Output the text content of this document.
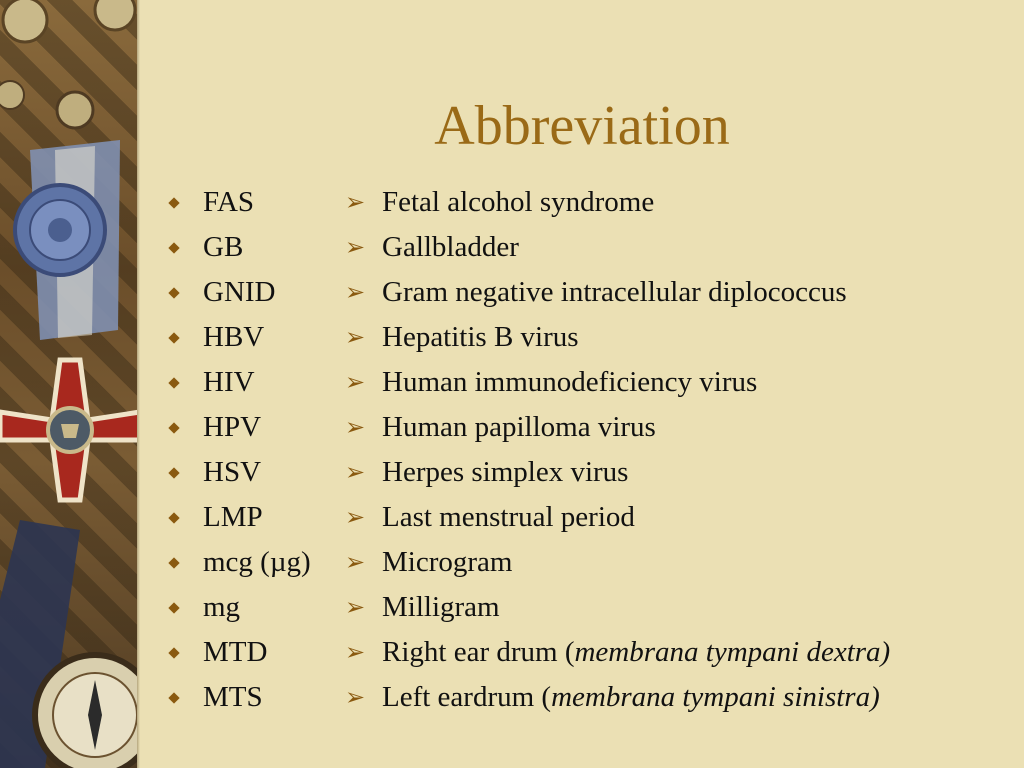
Abbreviation
FAS	➢ Fetal alcohol syndrome
GB	➢ Gallbladder
GNID	➢ Gram negative intracellular diplococcus
HBV	➢ Hepatitis B virus
HIV	➢ Human immunodeficiency virus
HPV	➢ Human papilloma virus
HSV	➢ Herpes simplex virus
LMP	➢ Last menstrual period
mcg (µg) ➢ Microgram
mg	➢ Milligram
MTD	➢ Right ear drum (membrana tympani dextra)
MTS	➢ Left eardrum (membrana tympani sinistra)
